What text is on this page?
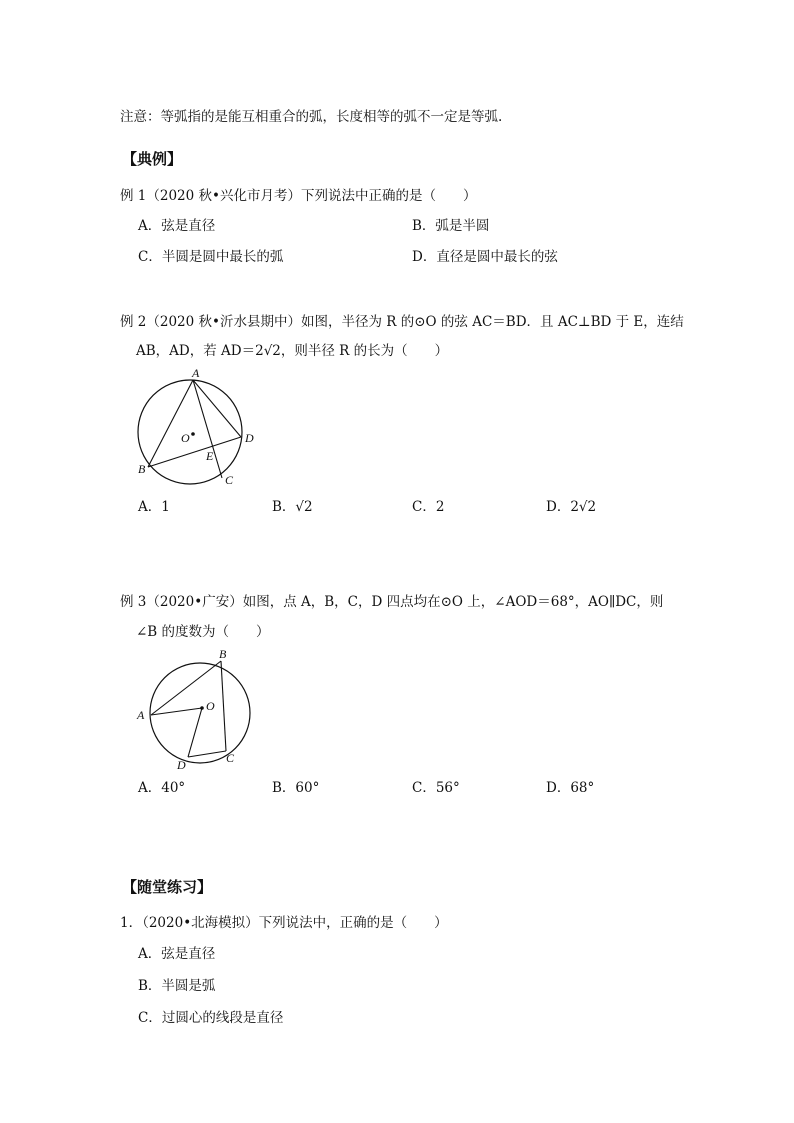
注意：等弧指的是能互相重合的弧，长度相等的弧不一定是等弧.
【典例】
例 1（2020 秋•兴化市月考）下列说法中正确的是（　　）
A．弦是直径	B．弧是半圆
C．半圆是圆中最长的弧	D．直径是圆中最长的弦
例 2（2020 秋•沂水县期中）如图，半径为 R 的⊙O 的弦 AC＝BD．且 AC⊥BD 于 E，连结
AB，AD，若 AD＝2√2，则半径 R 的长为（　　）
A
B
C
D
E
O
A．1	B．√2	C．2	D．2√2
例 3（2020•广安）如图，点 A，B，C，D 四点均在⊙O 上，∠AOD＝68°，AO∥DC，则
∠B 的度数为（　　）
B
A
O
D	C
A．40°	B．60°	C．56°	D．68°
【随堂练习】
1．（2020•北海模拟）下列说法中，正确的是（　　）
A．弦是直径
B．半圆是弧
C．过圆心的线段是直径
